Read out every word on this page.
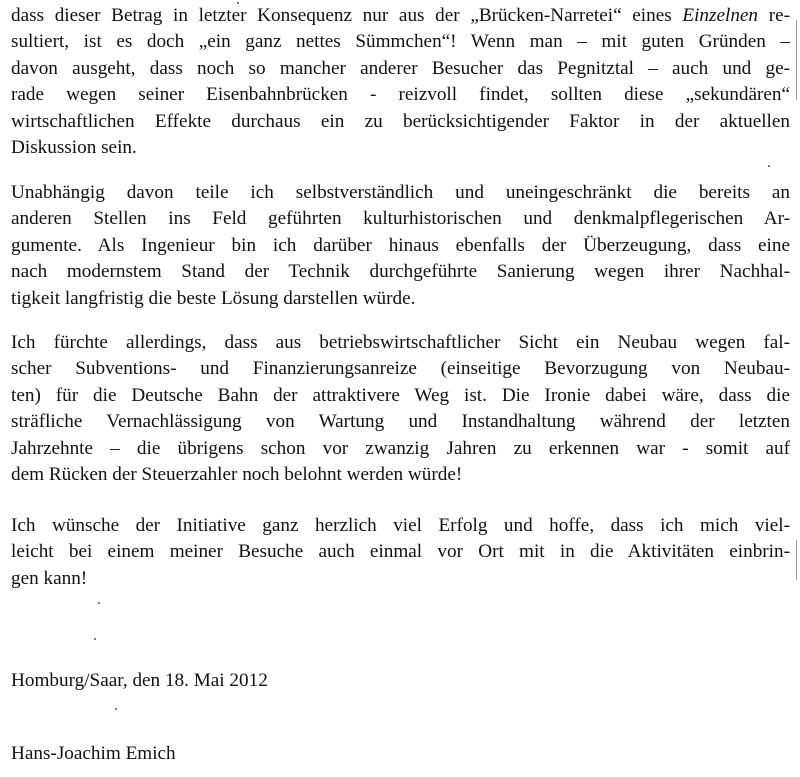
dass dieser Betrag in letzter Konsequenz nur aus der „Brücken-Narretei“ eines Einzelnen re-
sultiert, ist es doch „ein ganz nettes Sümmchen“! Wenn man – mit guten Gründen –
davon ausgeht, dass noch so mancher anderer Besucher das Pegnitztal – auch und ge-
rade wegen seiner Eisenbahnbrücken - reizvoll findet, sollten diese „sekundären“
wirtschaftlichen Effekte durchaus ein zu berücksichtigender Faktor in der aktuellen
Diskussion sein.

Unabhängig davon teile ich selbstverständlich und uneingeschränkt die bereits an
anderen Stellen ins Feld geführten kulturhistorischen und denkmalpflegerischen Ar-
gumente. Als Ingenieur bin ich darüber hinaus ebenfalls der Überzeugung, dass eine
nach modernstem Stand der Technik durchgeführte Sanierung wegen ihrer Nachhal-
tigkeit langfristig die beste Lösung darstellen würde.

Ich fürchte allerdings, dass aus betriebswirtschaftlicher Sicht ein Neubau wegen fal-
scher Subventions- und Finanzierungsanreize (einseitige Bevorzugung von Neubau-
ten) für die Deutsche Bahn der attraktivere Weg ist. Die Ironie dabei wäre, dass die
sträfliche Vernachlässigung von Wartung und Instandhaltung während der letzten
Jahrzehnte – die übrigens schon vor zwanzig Jahren zu erkennen war - somit auf
dem Rücken der Steuerzahler noch belohnt werden würde!

Ich wünsche der Initiative ganz herzlich viel Erfolg und hoffe, dass ich mich viel-
leicht bei einem meiner Besuche auch einmal vor Ort mit in die Aktivitäten einbrin-
gen kann!

Homburg/Saar, den 18. Mai 2012

Hans-Joachim Emich
